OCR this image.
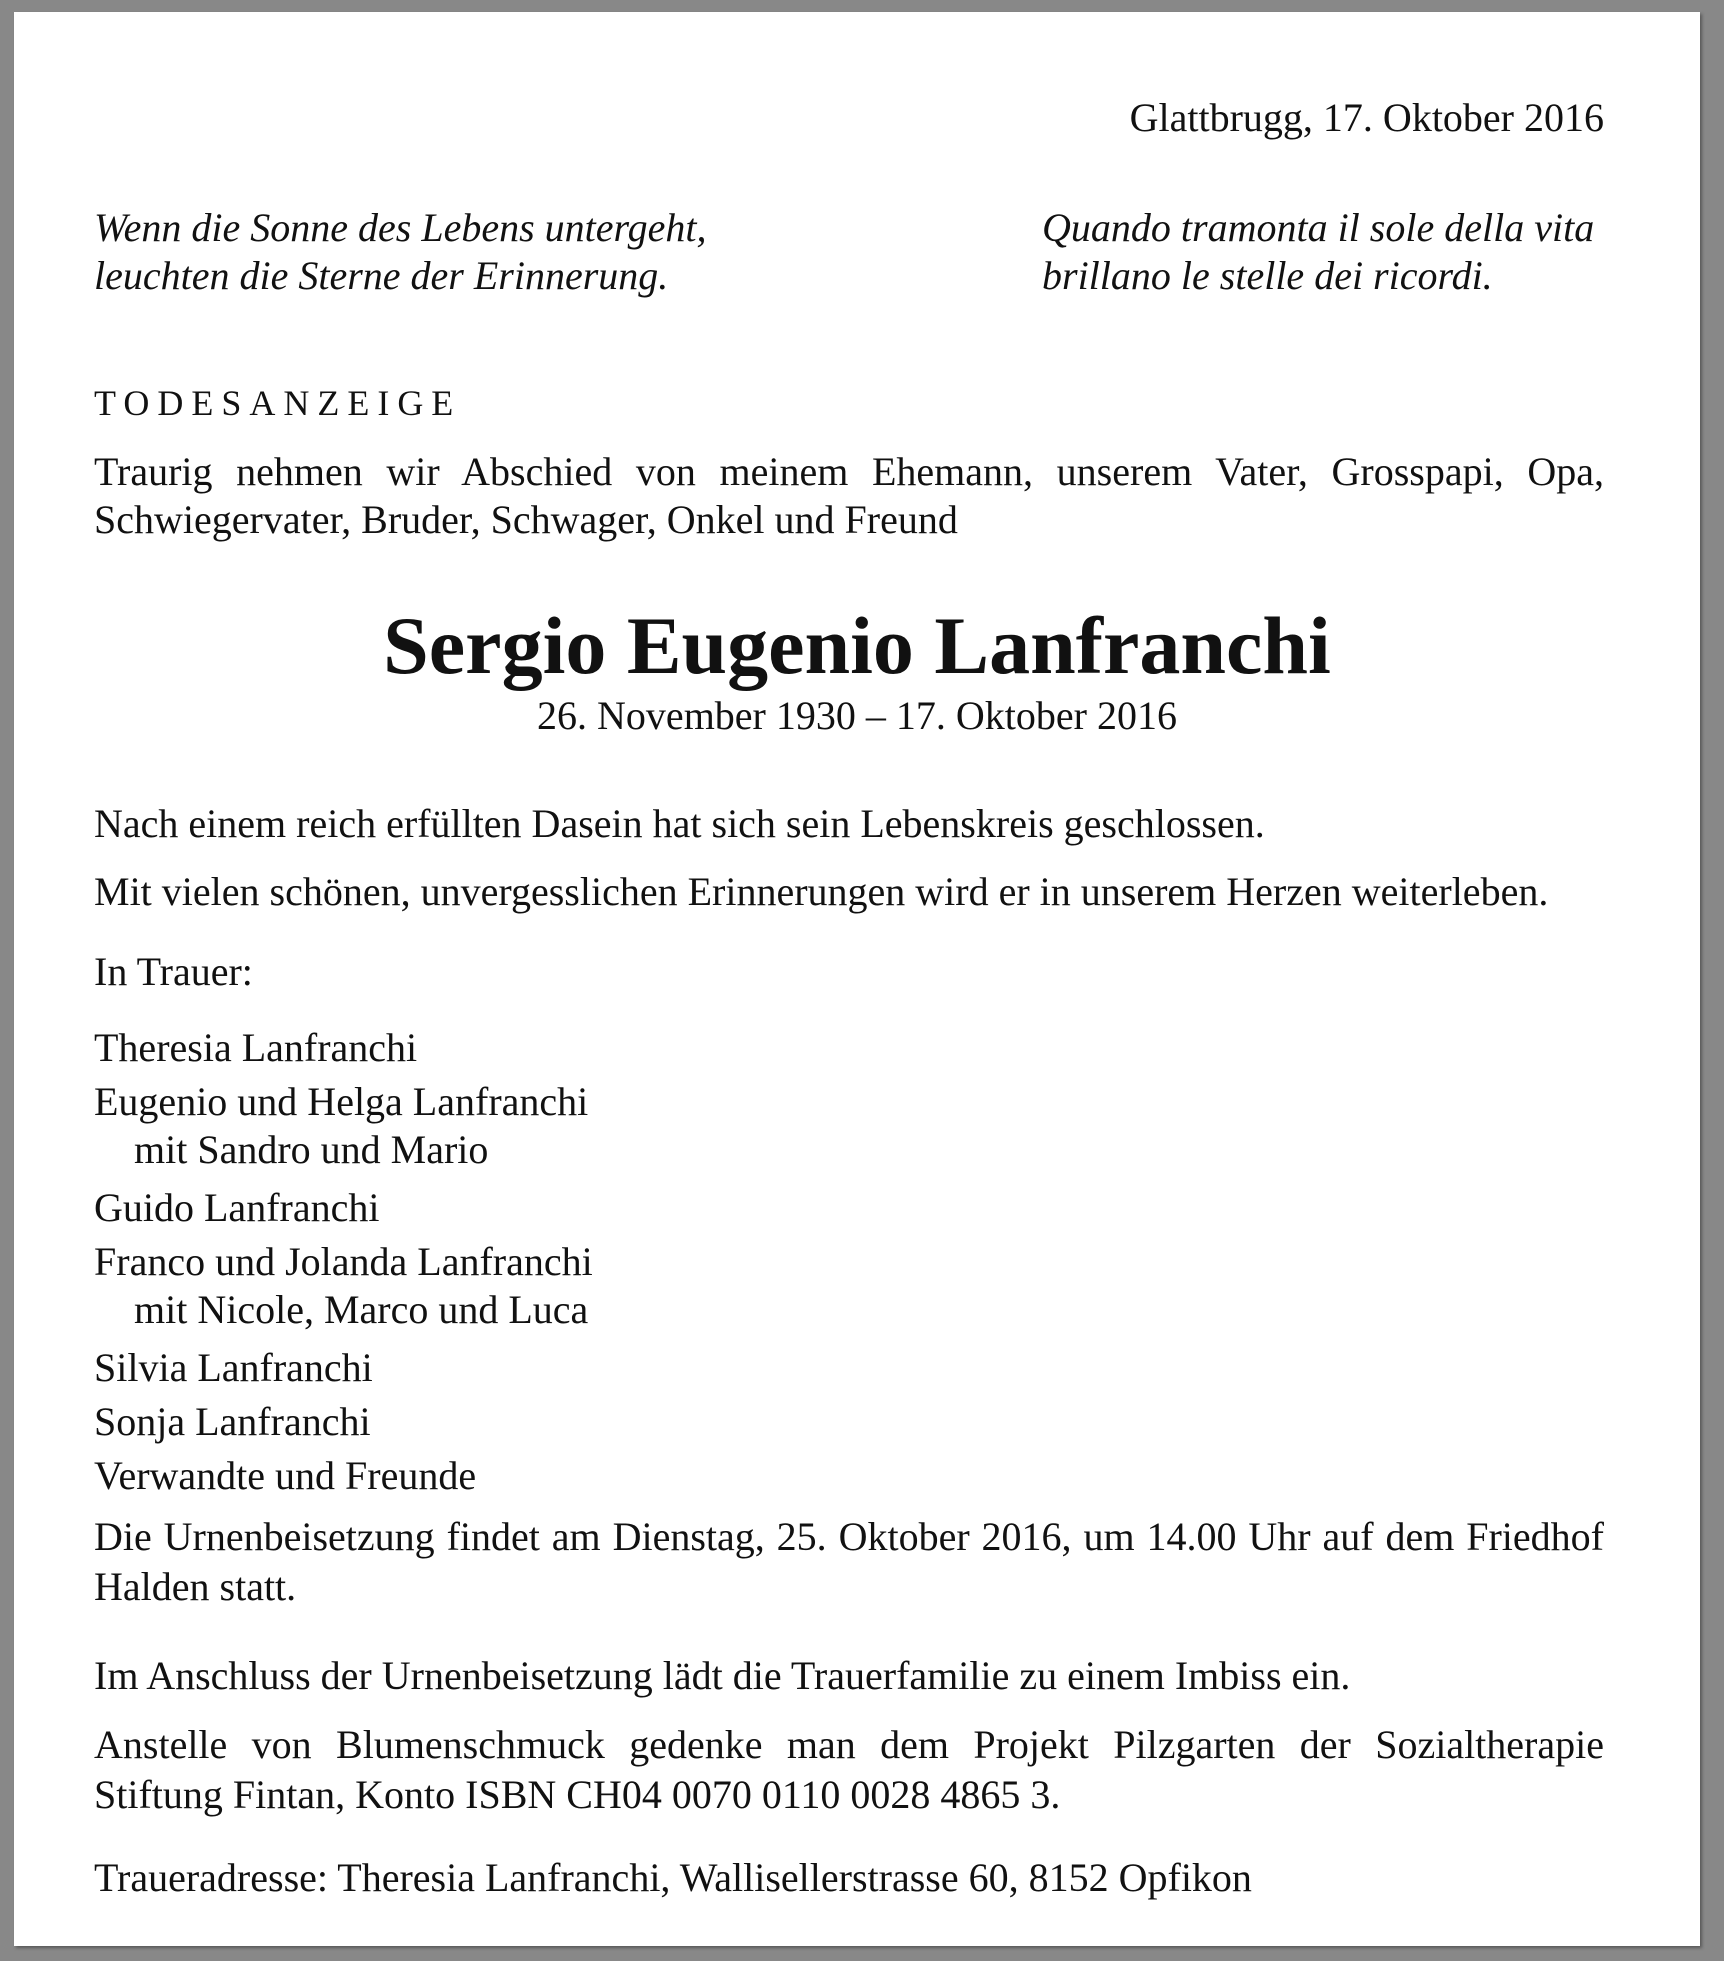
Glattbrugg, 17. Oktober 2016

Wenn die Sonne des Lebens untergeht,
leuchten die Sterne der Erinnerung.
Quando tramonta il sole della vita
brillano le stelle dei ricordi.

TODESANZEIGE

Traurig nehmen wir Abschied von meinem Ehemann, unserem Vater, Grosspapi, Opa,
Schwiegervater, Bruder, Schwager, Onkel und Freund

Sergio Eugenio Lanfranchi

26. November 1930 – 17. Oktober 2016

Nach einem reich erfüllten Dasein hat sich sein Lebenskreis geschlossen.

Mit vielen schönen, unvergesslichen Erinnerungen wird er in unserem Herzen weiterleben.

In Trauer:

Theresia Lanfranchi
Eugenio und Helga Lanfranchi
mit Sandro und Mario
Guido Lanfranchi
Franco und Jolanda Lanfranchi
mit Nicole, Marco und Luca
Silvia Lanfranchi
Sonja Lanfranchi
Verwandte und Freunde
Die Urnenbeisetzung findet am Dienstag, 25. Oktober 2016, um 14.00 Uhr auf dem Friedhof
Halden statt.

Im Anschluss der Urnenbeisetzung lädt die Trauerfamilie zu einem Imbiss ein.

Anstelle von Blumenschmuck gedenke man dem Projekt Pilzgarten der Sozialtherapie
Stiftung Fintan, Konto ISBN CH04 0070 0110 0028 4865 3.

Traueradresse: Theresia Lanfranchi, Wallisellerstrasse 60, 8152 Opfikon
